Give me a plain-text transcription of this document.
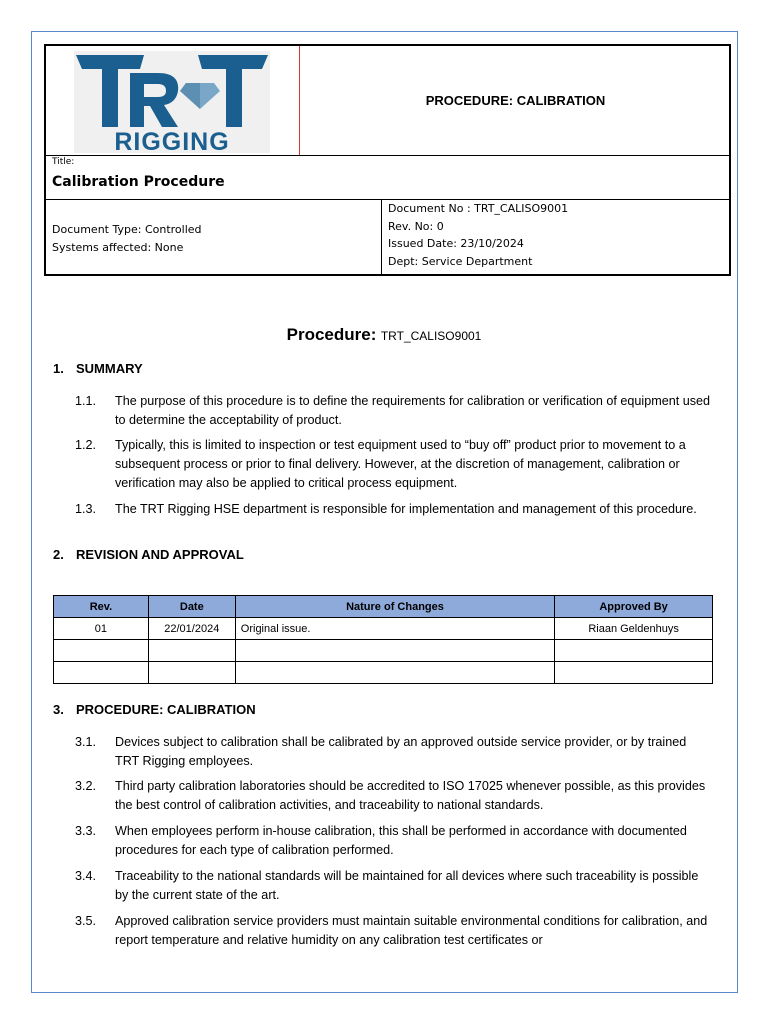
RIGGING
PROCEDURE: CALIBRATION
Title:
Calibration Procedure
Document Type: Controlled
Systems affected: None
Document No : TRT_CALISO9001
Rev. No: 0
Issued Date: 23/10/2024
Dept: Service Department
Procedure: TRT_CALISO9001
1. SUMMARY
1.1. The purpose of this procedure is to define the requirements for calibration or verification of equipment used to determine the acceptability of product.
1.2. Typically, this is limited to inspection or test equipment used to “buy off” product prior to movement to a subsequent process or prior to final delivery. However, at the discretion of management, calibration or verification may also be applied to critical process equipment.
1.3. The TRT Rigging HSE department is responsible for implementation and management of this procedure.
2. REVISION AND APPROVAL
Rev.	Date	Nature of Changes	Approved By
01	22/01/2024	Original issue.	Riaan Geldenhuys

3. PROCEDURE: CALIBRATION
3.1. Devices subject to calibration shall be calibrated by an approved outside service provider, or by trained TRT Rigging employees.
3.2. Third party calibration laboratories should be accredited to ISO 17025 whenever possible, as this provides the best control of calibration activities, and traceability to national standards.
3.3. When employees perform in-house calibration, this shall be performed in accordance with documented procedures for each type of calibration performed.
3.4. Traceability to the national standards will be maintained for all devices where such traceability is possible by the current state of the art.
3.5. Approved calibration service providers must maintain suitable environmental conditions for calibration, and report temperature and relative humidity on any calibration test certificates or
